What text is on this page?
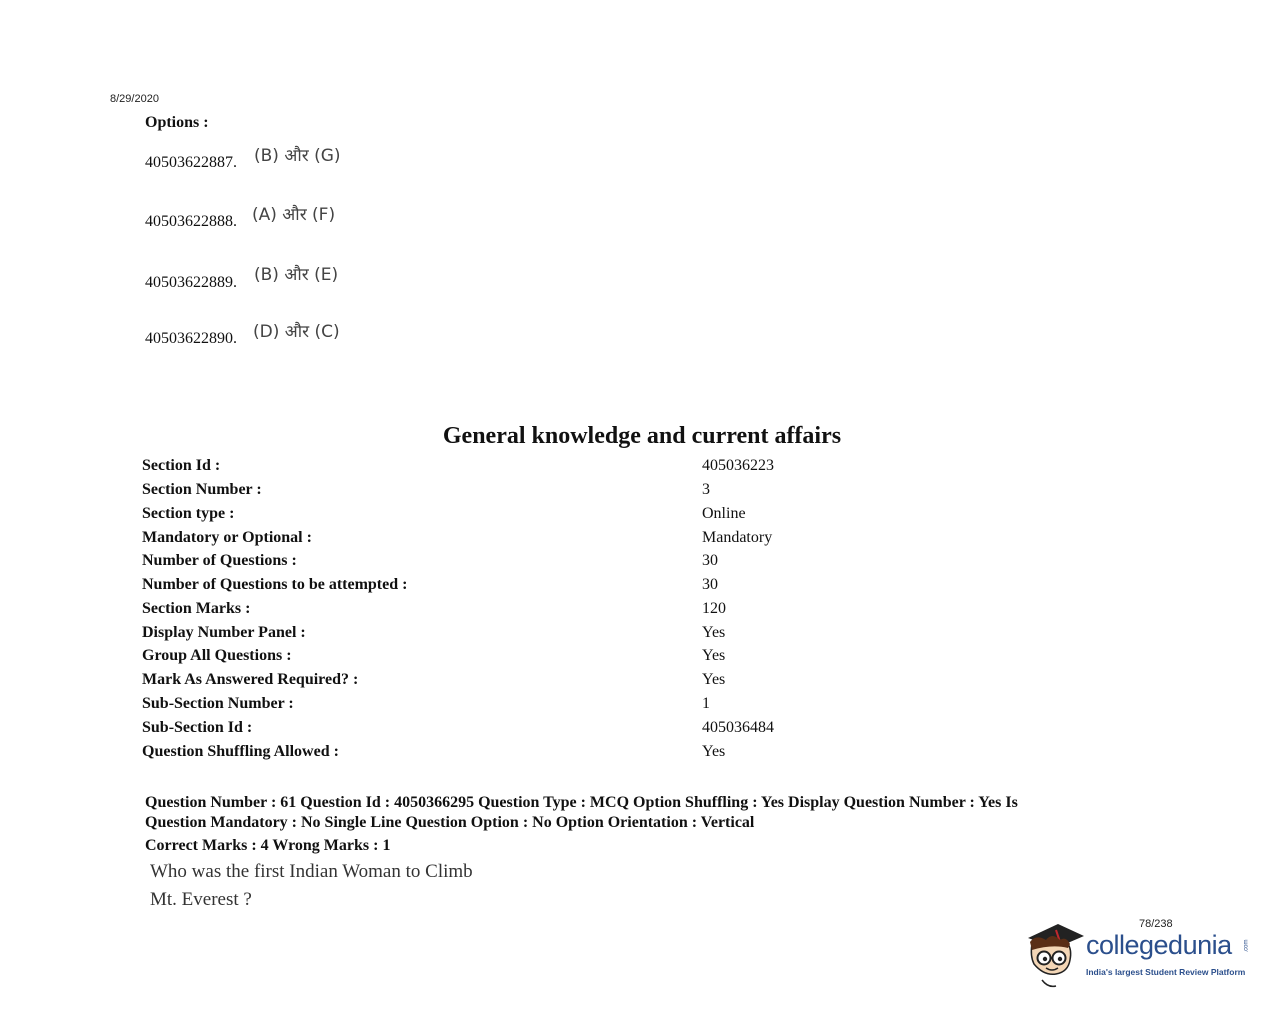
8/29/2020
Options :
40503622887. (B) और (G)
40503622888. (A) और (F)
40503622889. (B) और (E)
40503622890. (D) और (C)
General knowledge and current affairs
Section Id :	405036223
Section Number :	3
Section type :	Online
Mandatory or Optional :	Mandatory
Number of Questions :	30
Number of Questions to be attempted :	30
Section Marks :	120
Display Number Panel :	Yes
Group All Questions :	Yes
Mark As Answered Required? :	Yes
Sub-Section Number :	1
Sub-Section Id :	405036484
Question Shuffling Allowed :	Yes
Question Number : 61 Question Id : 4050366295 Question Type : MCQ Option Shuffling : Yes Display Question Number : Yes Is
Question Mandatory : No Single Line Question Option : No Option Orientation : Vertical
Correct Marks : 4 Wrong Marks : 1
Who was the first Indian Woman to Climb
Mt. Everest ?
78/238
collegedunia .com
India's largest Student Review Platform
